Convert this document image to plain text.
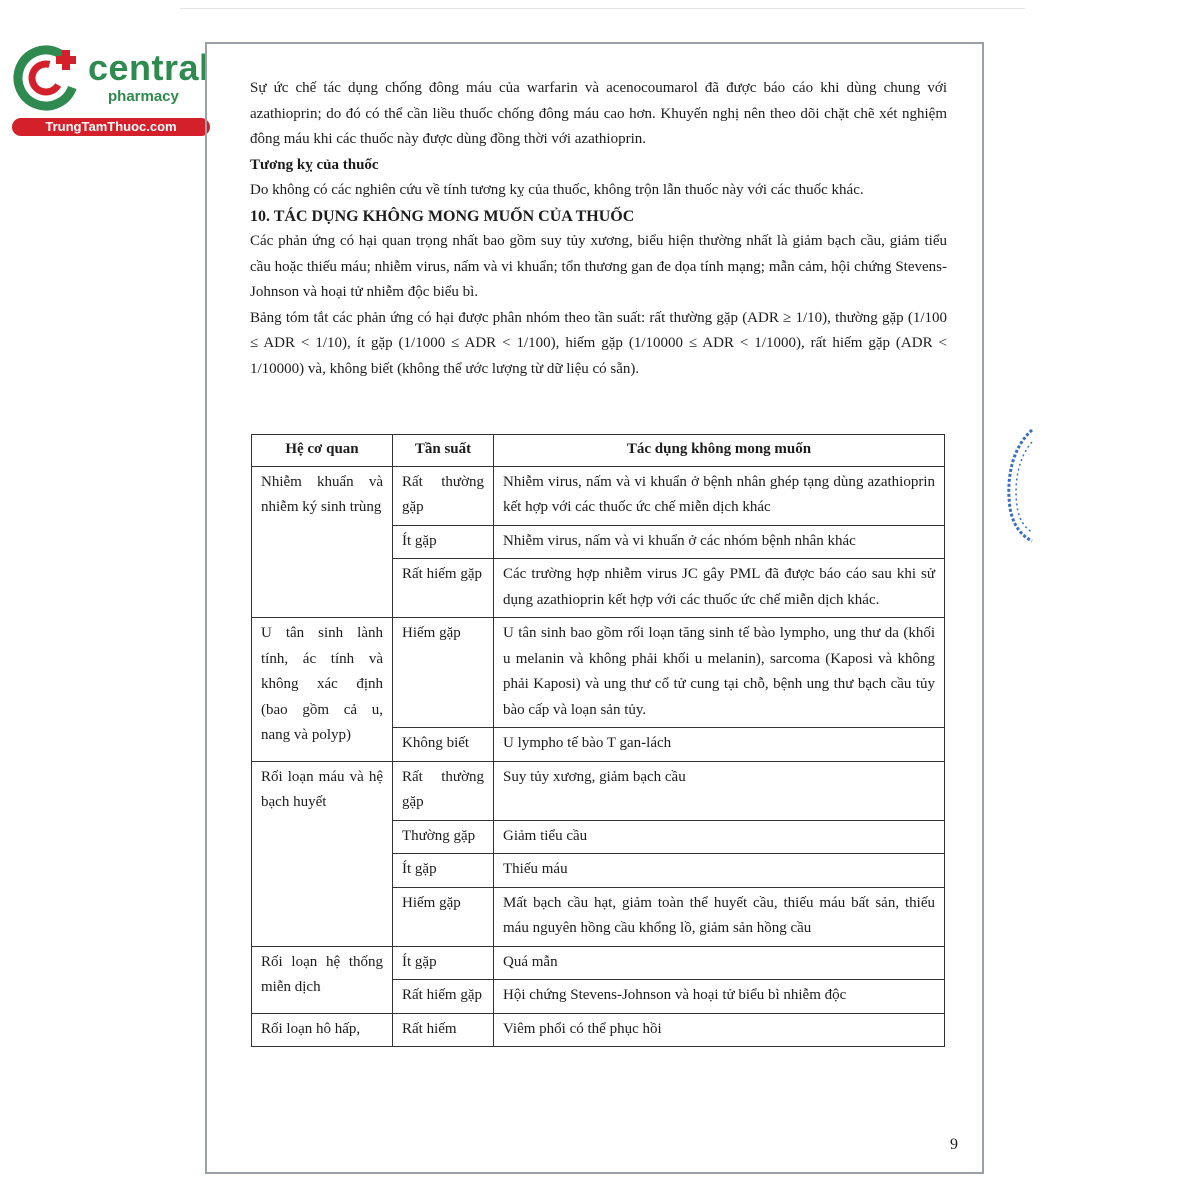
central
pharmacy
TrungTamThuoc.com

Sự ức chế tác dụng chống đông máu của warfarin và acenocoumarol đã được báo cáo khi dùng chung với azathioprin; do đó có thể cần liều thuốc chống đông máu cao hơn. Khuyến nghị nên theo dõi chặt chẽ xét nghiệm đông máu khi các thuốc này được dùng đồng thời với azathioprin.

Tương kỵ của thuốc

Do không có các nghiên cứu về tính tương kỵ của thuốc, không trộn lẫn thuốc này với các thuốc khác.

10. TÁC DỤNG KHÔNG MONG MUỐN CỦA THUỐC

Các phản ứng có hại quan trọng nhất bao gồm suy tủy xương, biểu hiện thường nhất là giảm bạch cầu, giảm tiểu cầu hoặc thiếu máu; nhiễm virus, nấm và vi khuẩn; tổn thương gan đe dọa tính mạng; mẫn cảm, hội chứng Stevens-Johnson và hoại tử nhiễm độc biểu bì.

Bảng tóm tắt các phản ứng có hại được phân nhóm theo tần suất: rất thường gặp (ADR ≥ 1/10), thường gặp (1/100 ≤ ADR < 1/10), ít gặp (1/1000 ≤ ADR < 1/100), hiếm gặp (1/10000 ≤ ADR < 1/1000), rất hiếm gặp (ADR < 1/10000) và, không biết (không thể ước lượng từ dữ liệu có sẵn).

Hệ cơ quan	Tần suất	Tác dụng không mong muốn
Nhiễm khuẩn và nhiễm ký sinh trùng	Rất thường gặp	Nhiễm virus, nấm và vi khuẩn ở bệnh nhân ghép tạng dùng azathioprin kết hợp với các thuốc ức chế miễn dịch khác
	Ít gặp	Nhiễm virus, nấm và vi khuẩn ở các nhóm bệnh nhân khác
	Rất hiếm gặp	Các trường hợp nhiễm virus JC gây PML đã được báo cáo sau khi sử dụng azathioprin kết hợp với các thuốc ức chế miễn dịch khác.
U tân sinh lành tính, ác tính và không xác định (bao gồm cả u, nang và polyp)	Hiếm gặp	U tân sinh bao gồm rối loạn tăng sinh tế bào lympho, ung thư da (khối u melanin và không phải khối u melanin), sarcoma (Kaposi và không phải Kaposi) và ung thư cổ tử cung tại chỗ, bệnh ung thư bạch cầu tủy bào cấp và loạn sản tủy.
	Không biết	U lympho tế bào T gan-lách
Rối loạn máu và hệ bạch huyết	Rất thường gặp	Suy tủy xương, giảm bạch cầu
	Thường gặp	Giảm tiểu cầu
	Ít gặp	Thiếu máu
	Hiếm gặp	Mất bạch cầu hạt, giảm toàn thể huyết cầu, thiếu máu bất sản, thiếu máu nguyên hồng cầu khổng lồ, giảm sản hồng cầu
Rối loạn hệ thống miễn dịch	Ít gặp	Quá mẫn
	Rất hiếm gặp	Hội chứng Stevens-Johnson và hoại tử biểu bì nhiễm độc
Rối loạn hô hấp,	Rất hiếm	Viêm phổi có thể phục hồi
9
